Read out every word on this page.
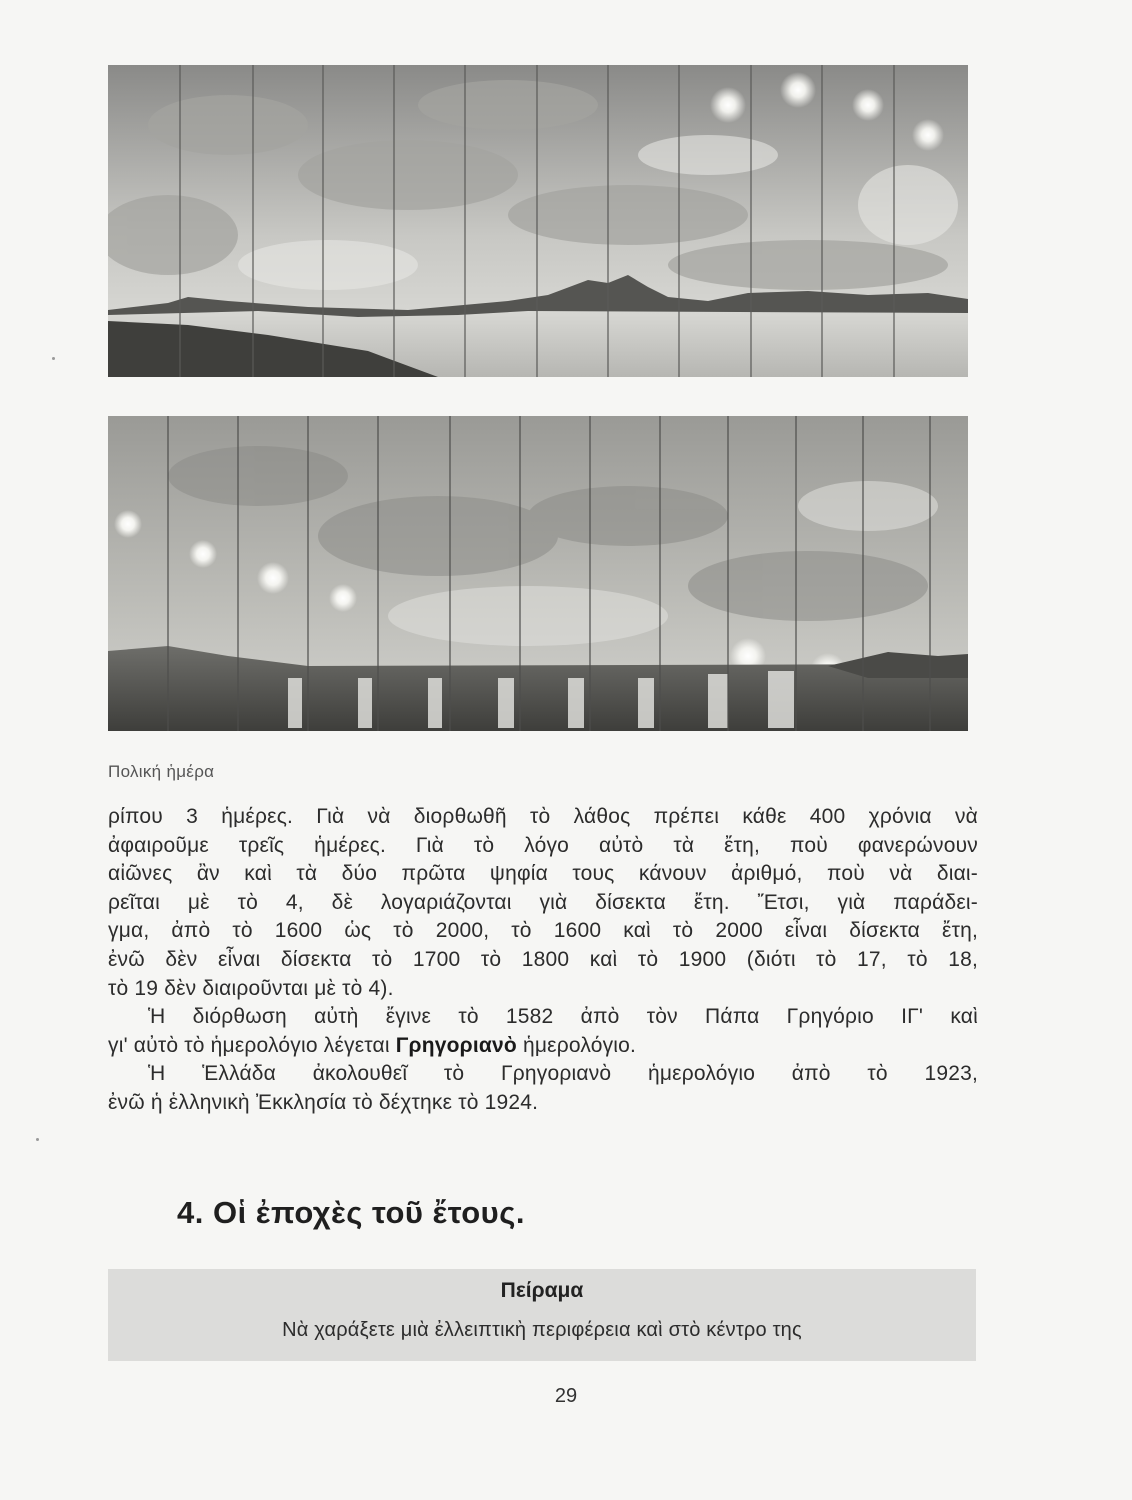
Πολική ἡμέρα

ρίπου 3 ἡμέρες. Γιὰ νὰ διορθωθῆ τὸ λάθος πρέπει κάθε 400 χρόνια νὰ
ἀφαιροῦμε τρεῖς ἡμέρες. Γιὰ τὸ λόγο αὐτὸ τὰ ἔτη, ποὺ φανερώνουν
αἰῶνες ἂν καὶ τὰ δύο πρῶτα ψηφία τους κάνουν ἀριθμό, ποὺ νὰ διαι-
ρεῖται μὲ τὸ 4, δὲ λογαριάζονται γιὰ δίσεκτα ἔτη. Ἔτσι, γιὰ παράδει-
γμα, ἀπὸ τὸ 1600 ὡς τὸ 2000, τὸ 1600 καὶ τὸ 2000 εἶναι δίσεκτα ἔτη,
ἐνῶ δὲν εἶναι δίσεκτα τὸ 1700 τὸ 1800 καὶ τὸ 1900 (διότι τὸ 17, τὸ 18,
τὸ 19 δὲν διαιροῦνται μὲ τὸ 4).

Ἡ διόρθωση αὐτὴ ἔγινε τὸ 1582 ἀπὸ τὸν Πάπα Γρηγόριο ΙΓ' καὶ
γι' αὐτὸ τὸ ἡμερολόγιο λέγεται Γρηγοριανὸ ἡμερολόγιο.

Ἡ Ἑλλάδα ἀκολουθεῖ τὸ Γρηγοριανὸ ἡμερολόγιο ἀπὸ τὸ 1923,
ἐνῶ ἡ ἑλληνικὴ Ἐκκλησία τὸ δέχτηκε τὸ 1924.

4. Οἱ ἐποχὲς τοῦ ἔτους.
Πείραμα
Νὰ χαράξετε μιὰ ἐλλειπτικὴ περιφέρεια καὶ στὸ κέντρο της
29
